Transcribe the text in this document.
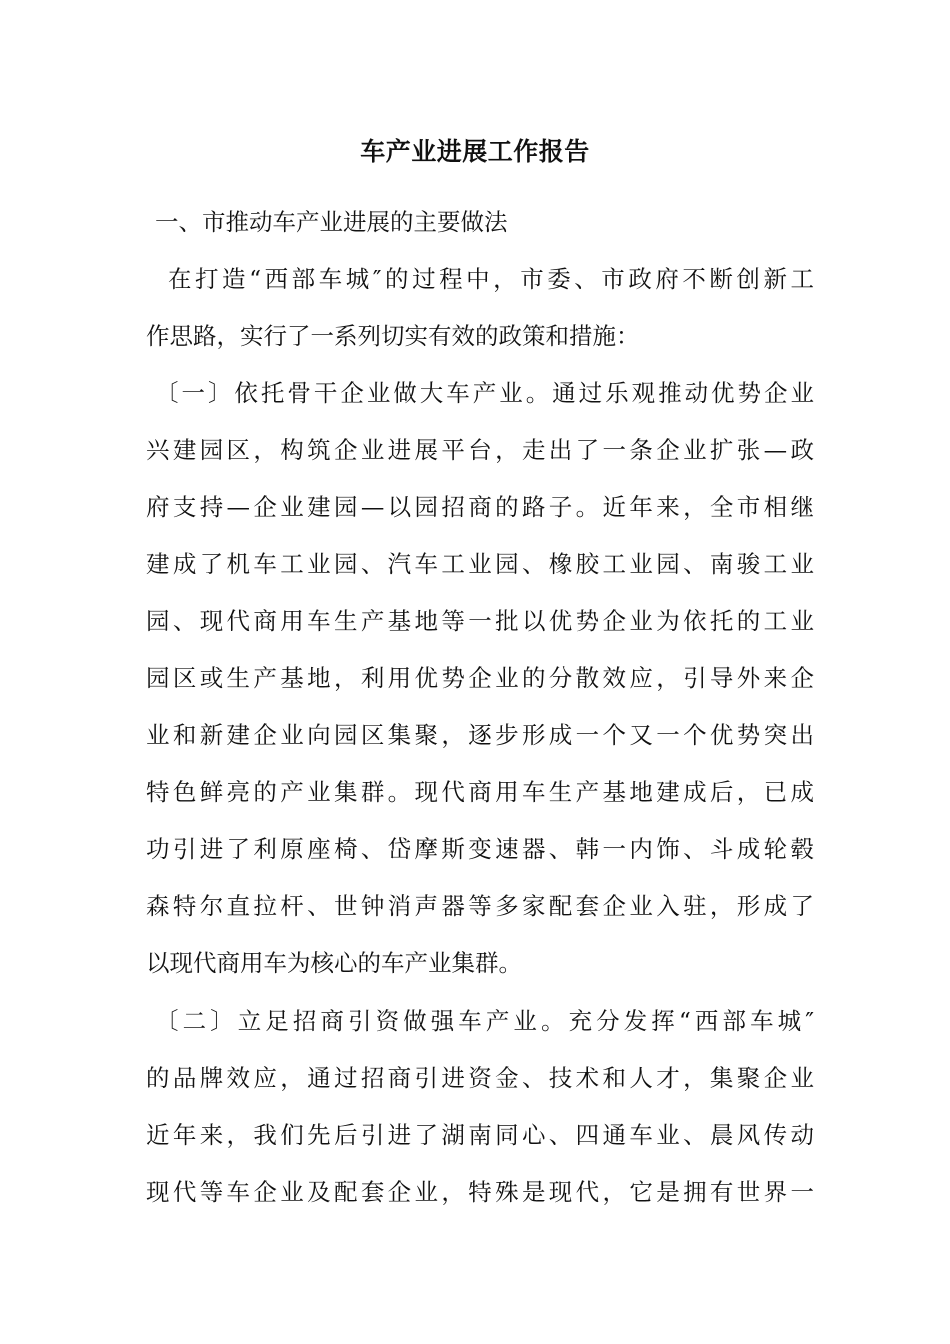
车产业进展工作报告
一、市推动车产业进展的主要做法
在打造“西部车城″的过程中，市委、市政府不断创新工
作思路，实行了一系列切实有效的政策和措施：
〔一〕依托骨干企业做大车产业。通过乐观推动优势企业
兴建园区，构筑企业进展平台，走出了一条企业扩张—政
府支持—企业建园—以园招商的路子。近年来，全市相继
建成了机车工业园、汽车工业园、橡胶工业园、南骏工业
园、现代商用车生产基地等一批以优势企业为依托的工业
园区或生产基地，利用优势企业的分散效应，引导外来企
业和新建企业向园区集聚，逐步形成一个又一个优势突出
特色鲜亮的产业集群。现代商用车生产基地建成后，已成
功引进了利原座椅、岱摩斯变速器、韩一内饰、斗成轮毂
森特尔直拉杆、世钟消声器等多家配套企业入驻，形成了
以现代商用车为核心的车产业集群。
〔二〕立足招商引资做强车产业。充分发挥“西部车城″
的品牌效应，通过招商引进资金、技术和人才，集聚企业
近年来，我们先后引进了湖南同心、四通车业、晨风传动
现代等车企业及配套企业，特殊是现代，它是拥有世界一
